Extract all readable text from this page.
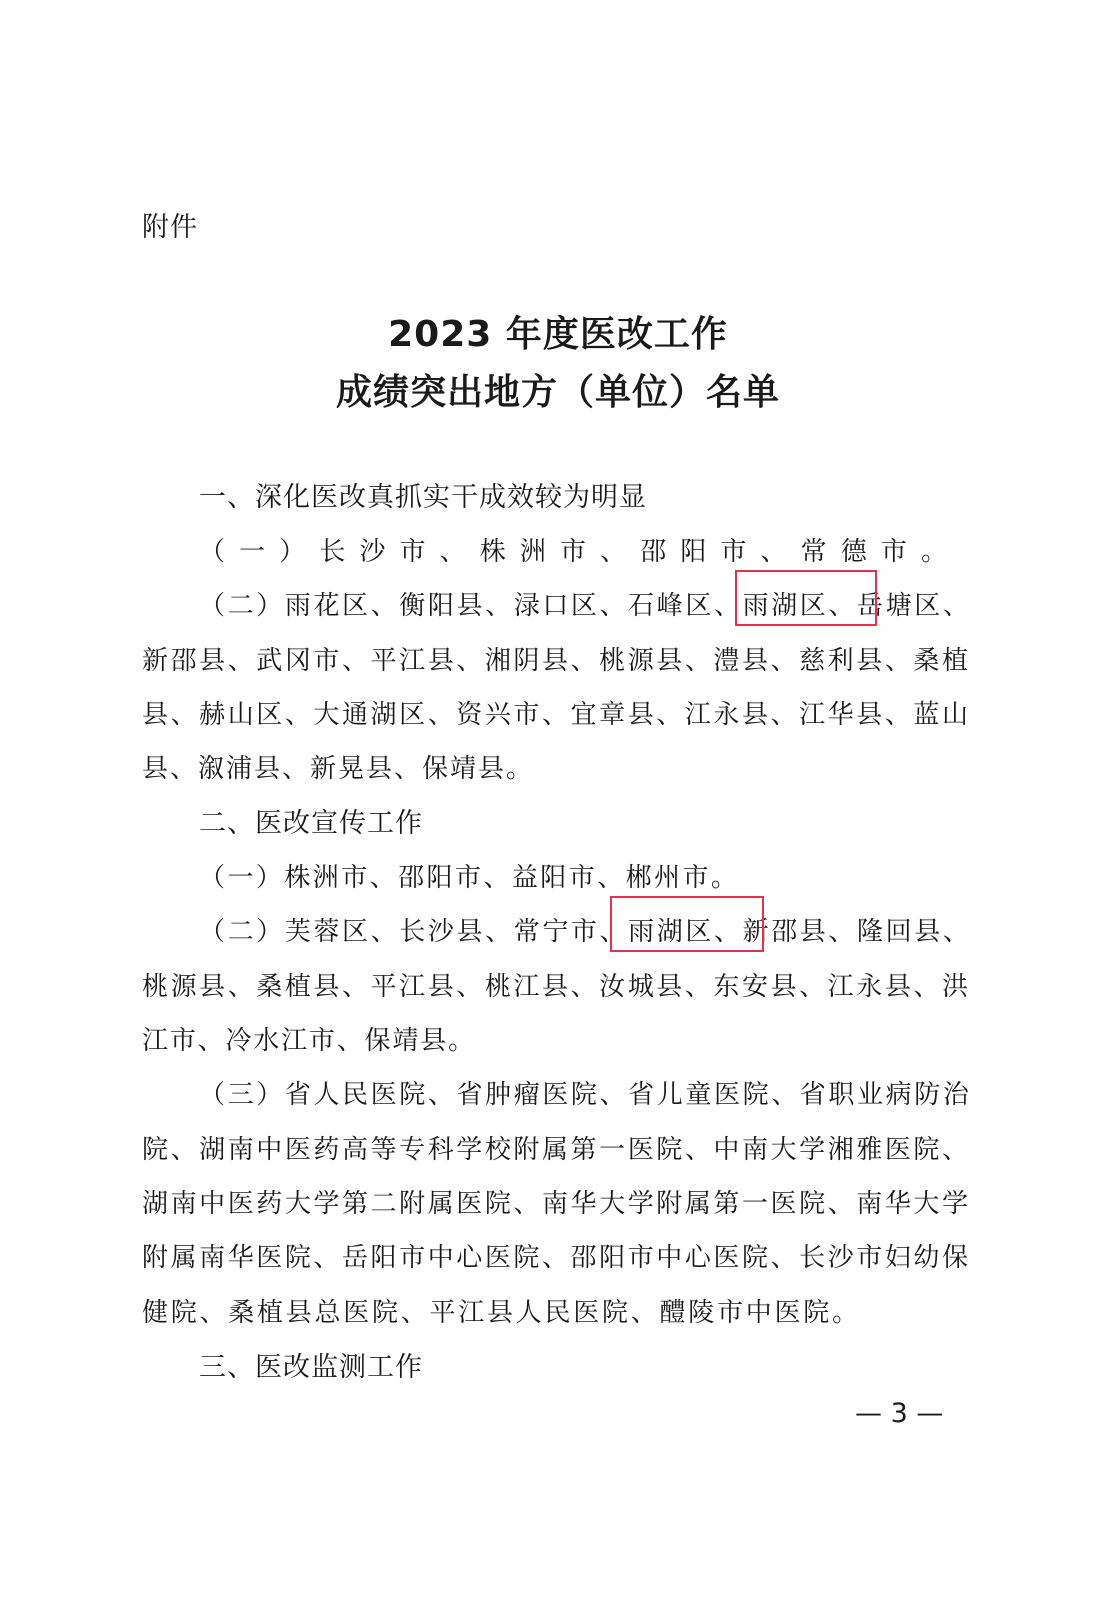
附件
2023 年度医改工作
成绩突出地方（单位）名单
一、深化医改真抓实干成效较为明显
（一）长沙市、株洲市、邵阳市、常德市。
（二）雨花区、衡阳县、渌口区、石峰区、雨湖区、岳塘区、
新邵县、武冈市、平江县、湘阴县、桃源县、澧县、慈利县、桑植
县、赫山区、大通湖区、资兴市、宜章县、江永县、江华县、蓝山
县、溆浦县、新晃县、保靖县。
二、医改宣传工作
（一）株洲市、邵阳市、益阳市、郴州市。
（二）芙蓉区、长沙县、常宁市、雨湖区、新邵县、隆回县、
桃源县、桑植县、平江县、桃江县、汝城县、东安县、江永县、洪
江市、冷水江市、保靖县。
（三）省人民医院、省肿瘤医院、省儿童医院、省职业病防治
院、湖南中医药高等专科学校附属第一医院、中南大学湘雅医院、
湖南中医药大学第二附属医院、南华大学附属第一医院、南华大学
附属南华医院、岳阳市中心医院、邵阳市中心医院、长沙市妇幼保
健院、桑植县总医院、平江县人民医院、醴陵市中医院。
三、医改监测工作
— 3 —
